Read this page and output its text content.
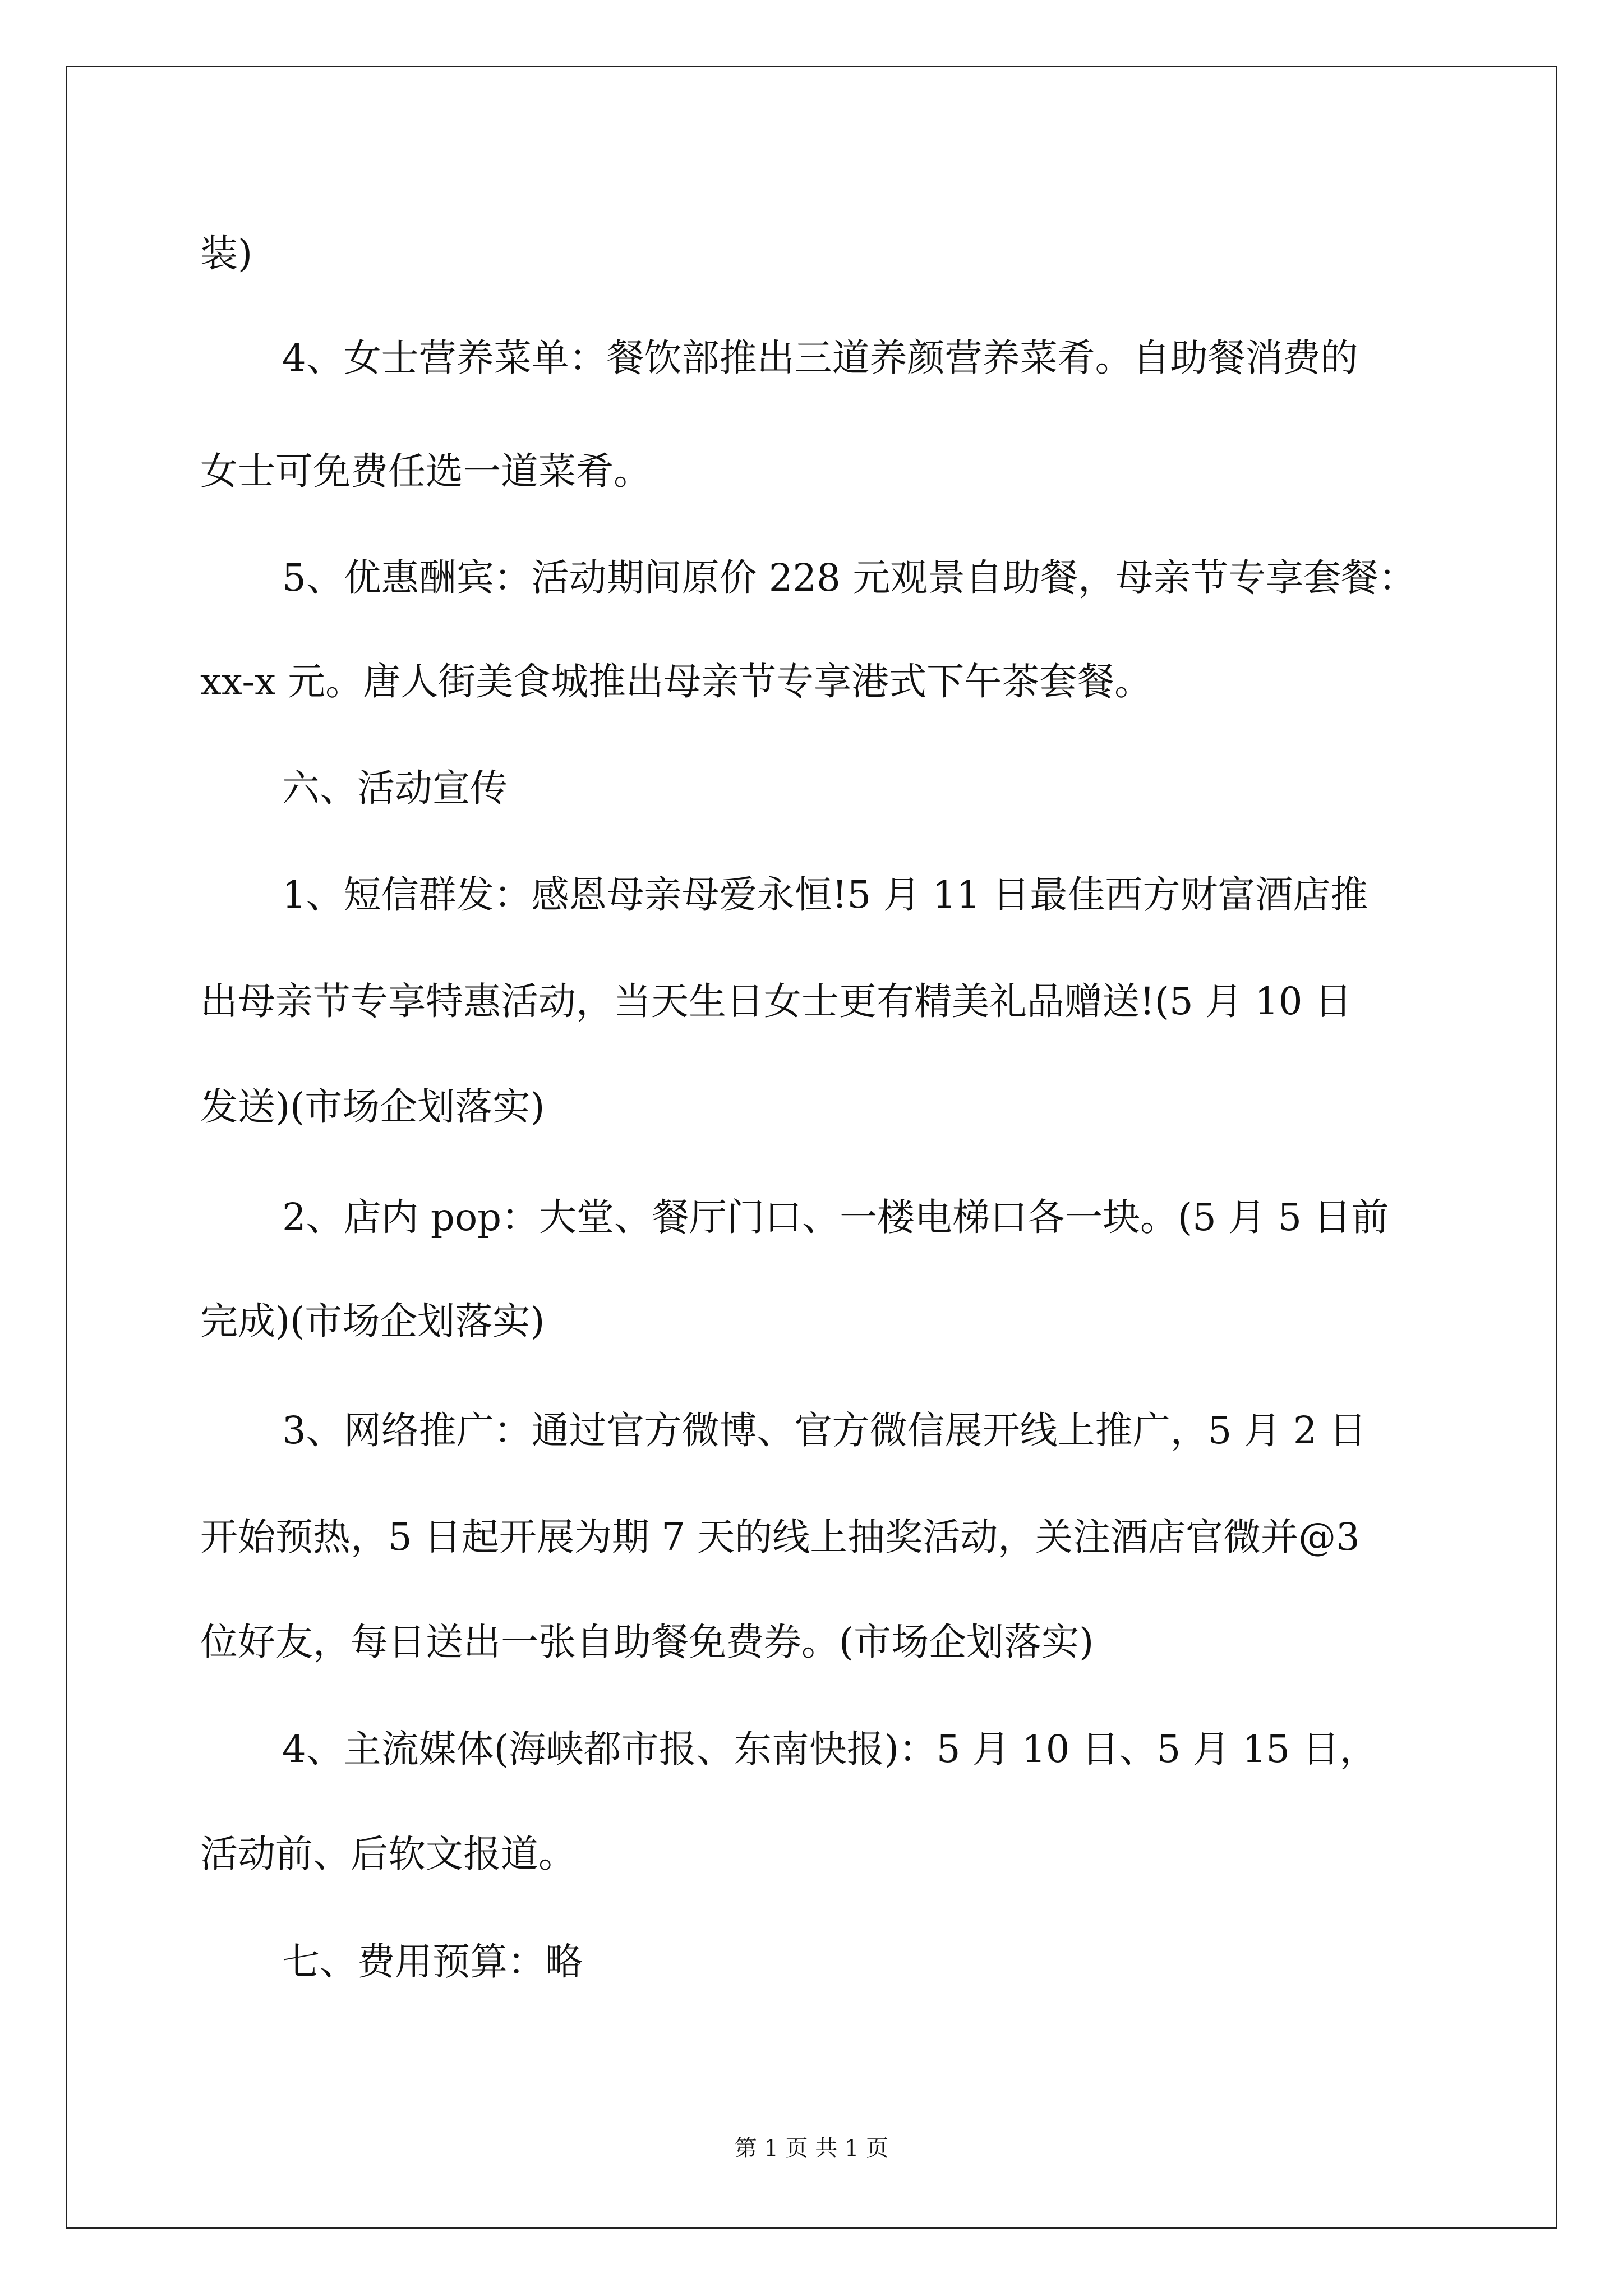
装)
4、女士营养菜单：餐饮部推出三道养颜营养菜肴。自助餐消费的
女士可免费任选一道菜肴。
5、优惠酬宾：活动期间原价 228 元观景自助餐，母亲节专享套餐：
xx-x 元。唐人街美食城推出母亲节专享港式下午茶套餐。
六、活动宣传
1、短信群发：感恩母亲母爱永恒!5 月 11 日最佳西方财富酒店推
出母亲节专享特惠活动，当天生日女士更有精美礼品赠送!(5 月 10 日
发送)(市场企划落实)
2、店内 pop：大堂、餐厅门口、一楼电梯口各一块。(5 月 5 日前
完成)(市场企划落实)
3、网络推广：通过官方微博、官方微信展开线上推广，5 月 2 日
开始预热，5 日起开展为期 7 天的线上抽奖活动，关注酒店官微并@3
位好友，每日送出一张自助餐免费券。(市场企划落实)
4、主流媒体(海峡都市报、东南快报)：5 月 10 日、5 月 15 日，
活动前、后软文报道。
七、费用预算：略
第 1 页 共 1 页
